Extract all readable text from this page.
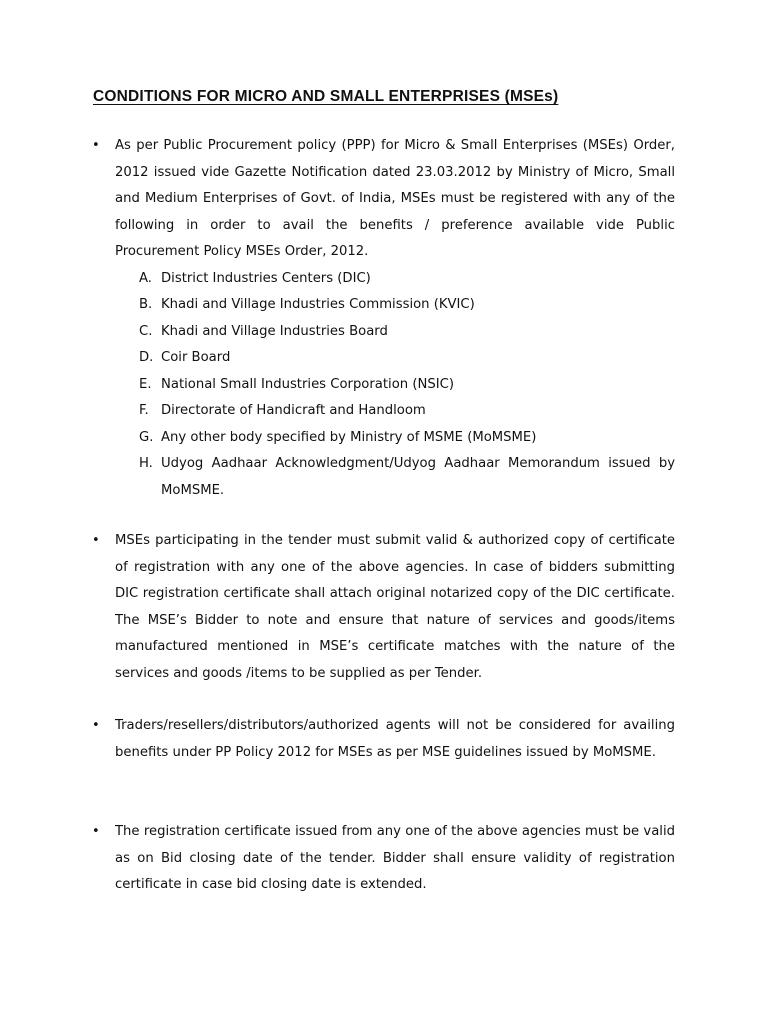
CONDITIONS FOR MICRO AND SMALL ENTERPRISES (MSEs)
• As per Public Procurement policy (PPP) for Micro & Small Enterprises (MSEs) Order, 2012 issued vide Gazette Notification dated 23.03.2012 by Ministry of Micro, Small and Medium Enterprises of Govt. of India, MSEs must be registered with any of the following in order to avail the benefits / preference available vide Public Procurement Policy MSEs Order, 2012.

A. District Industries Centers (DIC)
B. Khadi and Village Industries Commission (KVIC)
C. Khadi and Village Industries Board
D. Coir Board
E. National Small Industries Corporation (NSIC)
F. Directorate of Handicraft and Handloom
G. Any other body specified by Ministry of MSME (MoMSME)
H. Udyog Aadhaar Acknowledgment/Udyog Aadhaar Memorandum issued by MoMSME.
• MSEs participating in the tender must submit valid & authorized copy of certificate of registration with any one of the above agencies. In case of bidders submitting DIC registration certificate shall attach original notarized copy of the DIC certificate. The MSE’s Bidder to note and ensure that nature of services and goods/items manufactured mentioned in MSE’s certificate matches with the nature of the services and goods /items to be supplied as per Tender.

• Traders/resellers/distributors/authorized agents will not be considered for availing benefits under PP Policy 2012 for MSEs as per MSE guidelines issued by MoMSME.

• The registration certificate issued from any one of the above agencies must be valid as on Bid closing date of the tender. Bidder shall ensure validity of registration certificate in case bid closing date is extended.
